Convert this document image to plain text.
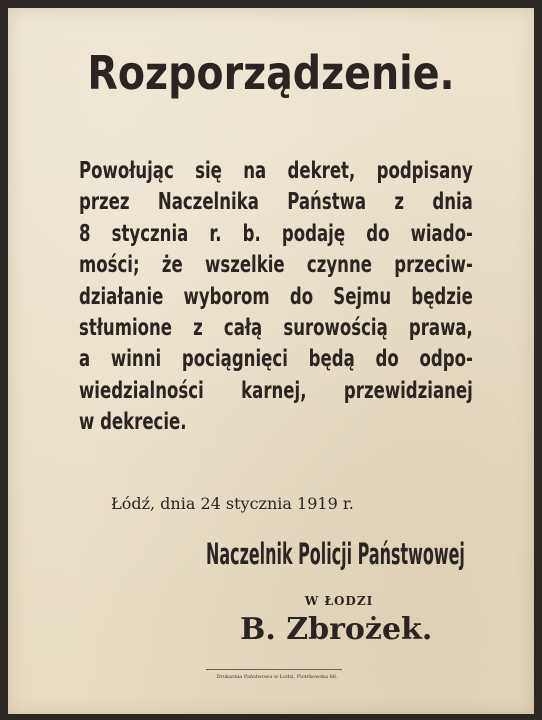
Rozporządzenie.
Powołując się na dekret, podpisany
przez Naczelnika Państwa z dnia
8 stycznia r. b. podaję do wiado-
mości; że wszelkie czynne przeciw-
działanie wyborom do Sejmu będzie
stłumione z całą surowością prawa,
a winni pociągnięci będą do odpo-
wiedzialności karnej, przewidzianej
w dekrecie.
Łódź, dnia 24 stycznia 1919 r.
Naczelnik Policji Państwowej
W ŁODZI
B. Zbrożek.
Drukarnia Państwowa w Łodzi, Piotrkowska 86.
